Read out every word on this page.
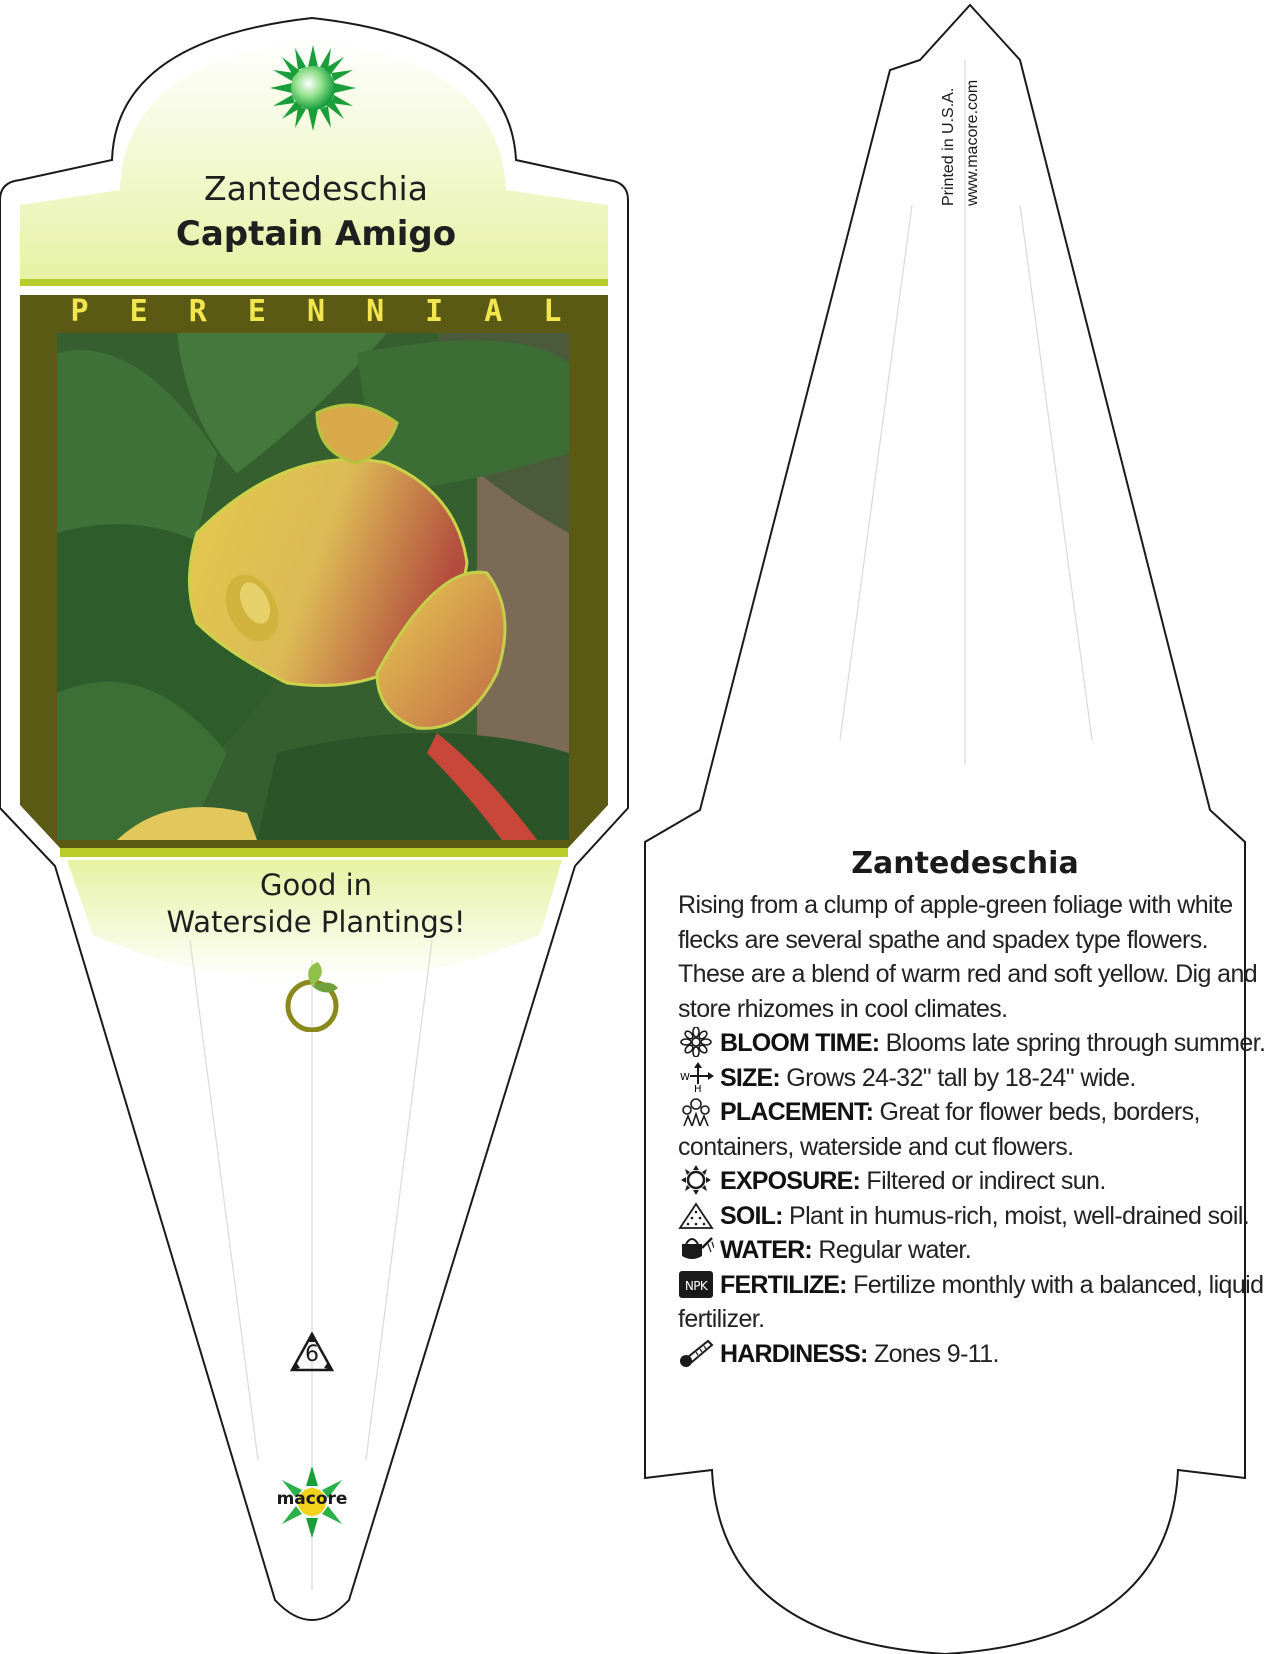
Zantedeschia
Captain Amigo
P E R E N N I A L
Good in
Waterside Plantings!
6
macore
Printed in U.S.A. www.macore.com
Zantedeschia

Rising from a clump of apple-green foliage with white flecks are several spathe and spadex type flowers. These are a blend of warm red and soft yellow. Dig and store rhizomes in cool climates.

BLOOM TIME: Blooms late spring through summer.

W
H SIZE: Grows 24-32" tall by 18-24" wide.

PLACEMENT: Great for flower beds, borders, containers, waterside and cut flowers.

EXPOSURE: Filtered or indirect sun.

SOIL: Plant in humus-rich, moist, well-drained soil.

WATER: Regular water.

NPK FERTILIZE: Fertilize monthly with a balanced, liquid fertilizer.

HARDINESS: Zones 9-11.
